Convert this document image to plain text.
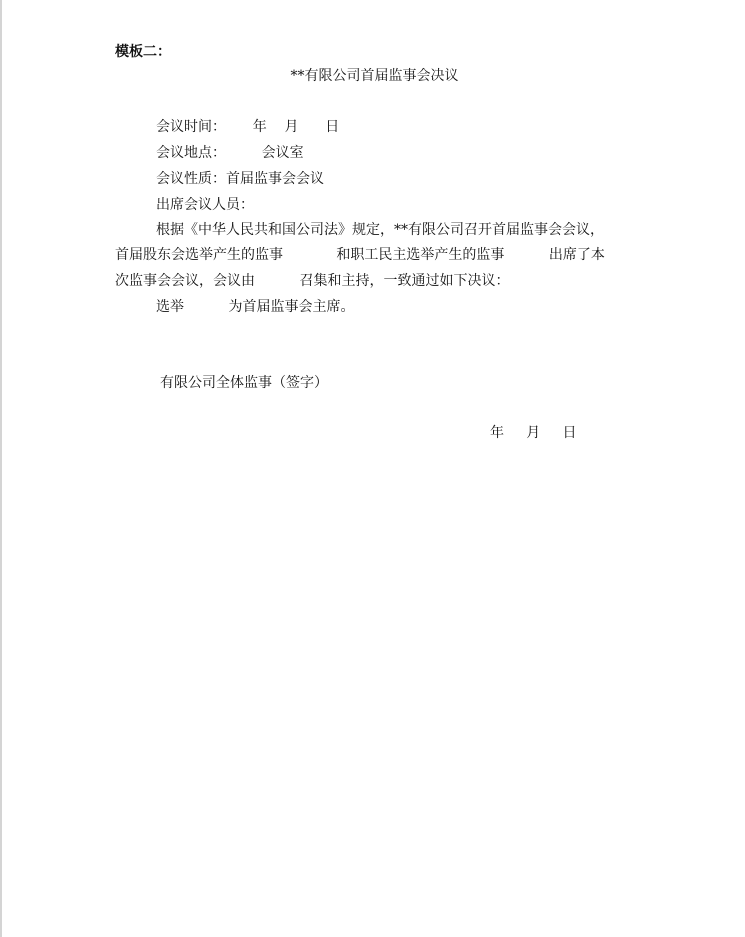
模板二：
**有限公司首届监事会决议
会议时间：      年    月      日
会议地点：        会议室
会议性质：首届监事会会议
出席会议人员：
根据《中华人民共和国公司法》规定，**有限公司召开首届监事会会议，
首届股东会选举产生的监事            和职工民主选举产生的监事          出席了本
次监事会会议，会议由          召集和主持，一致通过如下决议：
选举          为首届监事会主席。
有限公司全体监事（签字）
年     月     日
